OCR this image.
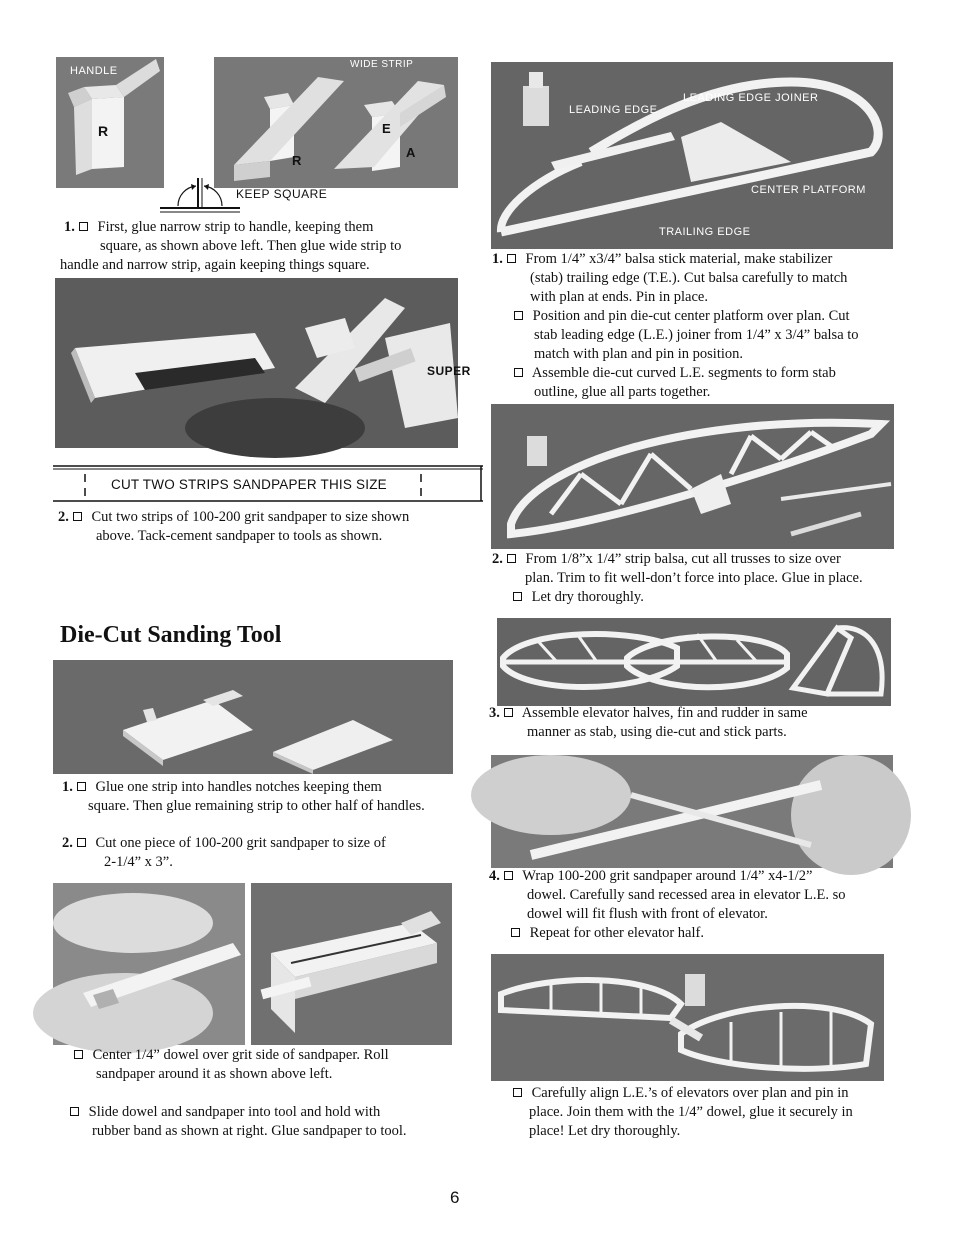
HANDLE
R
WIDE STRIP
R
E
A
KEEP SQUARE

1. First, glue narrow strip to handle, keeping them

square, as shown above left. Then glue wide strip to

handle and narrow strip, again keeping things square.

SUPER
CUT TWO STRIPS SANDPAPER THIS SIZE

2. Cut two strips of 100-200 grit sandpaper to size shown

above. Tack-cement sandpaper to tools as shown.

Die-Cut Sanding Tool

1. Glue one strip into handles notches keeping them

square. Then glue remaining strip to other half of handles.

2. Cut one piece of 100-200 grit sandpaper to size of

2-1/4” x 3”.

Center 1/4” dowel over grit side of sandpaper. Roll

sandpaper around it as shown above left.

Slide dowel and sandpaper into tool and hold with

rubber band as shown at right. Glue sandpaper to tool.

LEADING EDGE
LEADING EDGE JOINER
CENTER PLATFORM
TRAILING EDGE

1. From 1/4” x3/4” balsa stick material, make stabilizer

(stab) trailing edge (T.E.). Cut balsa carefully to match

with plan at ends. Pin in place.

Position and pin die-cut center platform over plan. Cut

stab leading edge (L.E.) joiner from 1/4” x 3/4” balsa to

match with plan and pin in position.

Assemble die-cut curved L.E. segments to form stab

outline, glue all parts together.

2. From 1/8”x 1/4” strip balsa, cut all trusses to size over

plan. Trim to fit well-don’t force into place. Glue in place.

Let dry thoroughly.

3. Assemble elevator halves, fin and rudder in same

manner as stab, using die-cut and stick parts.

4. Wrap 100-200 grit sandpaper around 1/4” x4-1/2”

dowel. Carefully sand recessed area in elevator L.E. so

dowel will fit flush with front of elevator.

Repeat for other elevator half.

Carefully align L.E.’s of elevators over plan and pin in

place. Join them with the 1/4” dowel, glue it securely in

place! Let dry thoroughly.

6
